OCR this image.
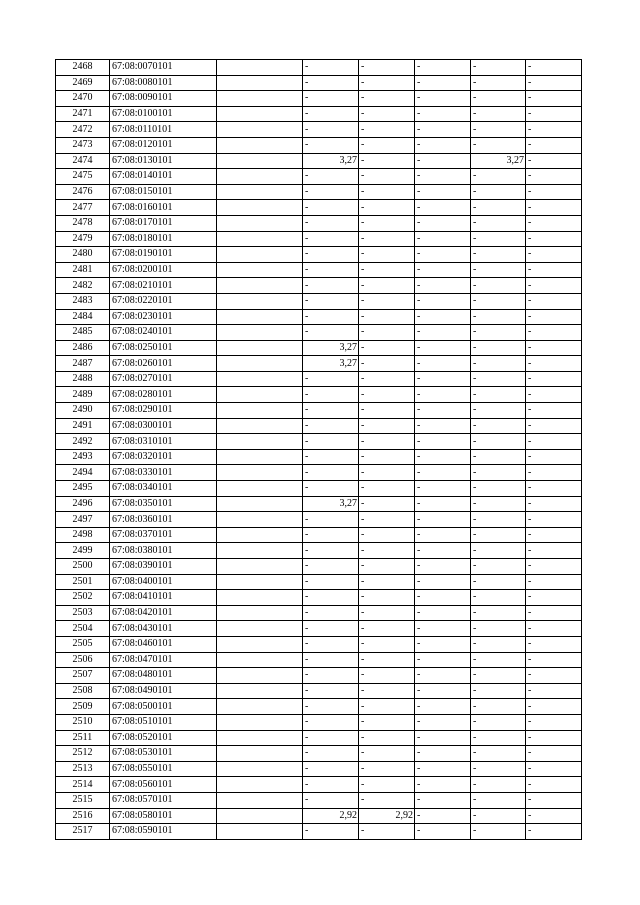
2468	67:08:0070101		-	-	-	-	-
2469	67:08:0080101		-	-	-	-	-
2470	67:08:0090101		-	-	-	-	-
2471	67:08:0100101		-	-	-	-	-
2472	67:08:0110101		-	-	-	-	-
2473	67:08:0120101		-	-	-	-	-
2474	67:08:0130101		3,27	-	-	3,27	-
2475	67:08:0140101		-	-	-	-	-
2476	67:08:0150101		-	-	-	-	-
2477	67:08:0160101		-	-	-	-	-
2478	67:08:0170101		-	-	-	-	-
2479	67:08:0180101		-	-	-	-	-
2480	67:08:0190101		-	-	-	-	-
2481	67:08:0200101		-	-	-	-	-
2482	67:08:0210101		-	-	-	-	-
2483	67:08:0220101		-	-	-	-	-
2484	67:08:0230101		-	-	-	-	-
2485	67:08:0240101		-	-	-	-	-
2486	67:08:0250101		3,27	-	-	-	-
2487	67:08:0260101		3,27	-	-	-	-
2488	67:08:0270101		-	-	-	-	-
2489	67:08:0280101		-	-	-	-	-
2490	67:08:0290101		-	-	-	-	-
2491	67:08:0300101		-	-	-	-	-
2492	67:08:0310101		-	-	-	-	-
2493	67:08:0320101		-	-	-	-	-
2494	67:08:0330101		-	-	-	-	-
2495	67:08:0340101		-	-	-	-	-
2496	67:08:0350101		3,27	-	-	-	-
2497	67:08:0360101		-	-	-	-	-
2498	67:08:0370101		-	-	-	-	-
2499	67:08:0380101		-	-	-	-	-
2500	67:08:0390101		-	-	-	-	-
2501	67:08:0400101		-	-	-	-	-
2502	67:08:0410101		-	-	-	-	-
2503	67:08:0420101		-	-	-	-	-
2504	67:08:0430101		-	-	-	-	-
2505	67:08:0460101		-	-	-	-	-
2506	67:08:0470101		-	-	-	-	-
2507	67:08:0480101		-	-	-	-	-
2508	67:08:0490101		-	-	-	-	-
2509	67:08:0500101		-	-	-	-	-
2510	67:08:0510101		-	-	-	-	-
2511	67:08:0520101		-	-	-	-	-
2512	67:08:0530101		-	-	-	-	-
2513	67:08:0550101		-	-	-	-	-
2514	67:08:0560101		-	-	-	-	-
2515	67:08:0570101		-	-	-	-	-
2516	67:08:0580101		2,92	2,92	-	-	-
2517	67:08:0590101		-	-	-	-	-
